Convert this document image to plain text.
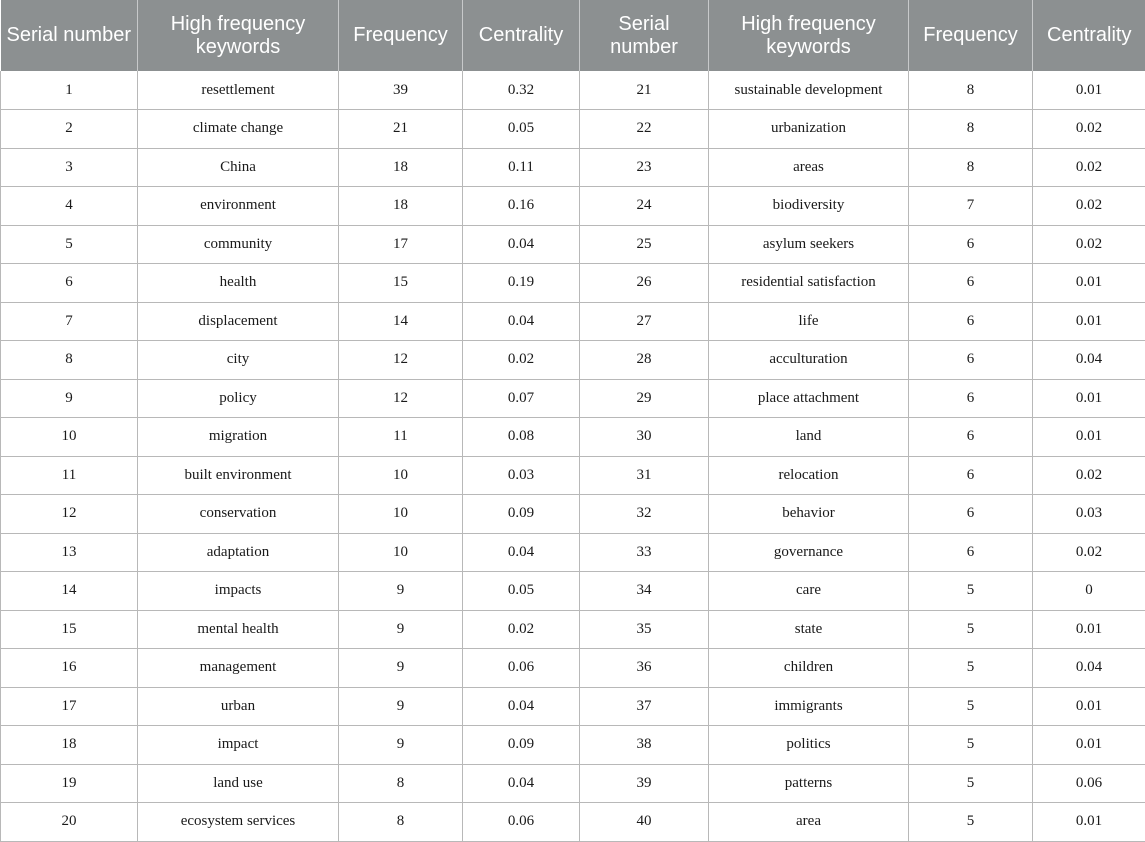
Serial number	High frequency keywords	Frequency	Centrality	Serial number	High frequency keywords	Frequency	Centrality
1	resettlement	39	0.32	21	sustainable development	8	0.01
2	climate change	21	0.05	22	urbanization	8	0.02
3	China	18	0.11	23	areas	8	0.02
4	environment	18	0.16	24	biodiversity	7	0.02
5	community	17	0.04	25	asylum seekers	6	0.02
6	health	15	0.19	26	residential satisfaction	6	0.01
7	displacement	14	0.04	27	life	6	0.01
8	city	12	0.02	28	acculturation	6	0.04
9	policy	12	0.07	29	place attachment	6	0.01
10	migration	11	0.08	30	land	6	0.01
11	built environment	10	0.03	31	relocation	6	0.02
12	conservation	10	0.09	32	behavior	6	0.03
13	adaptation	10	0.04	33	governance	6	0.02
14	impacts	9	0.05	34	care	5	0
15	mental health	9	0.02	35	state	5	0.01
16	management	9	0.06	36	children	5	0.04
17	urban	9	0.04	37	immigrants	5	0.01
18	impact	9	0.09	38	politics	5	0.01
19	land use	8	0.04	39	patterns	5	0.06
20	ecosystem services	8	0.06	40	area	5	0.01
